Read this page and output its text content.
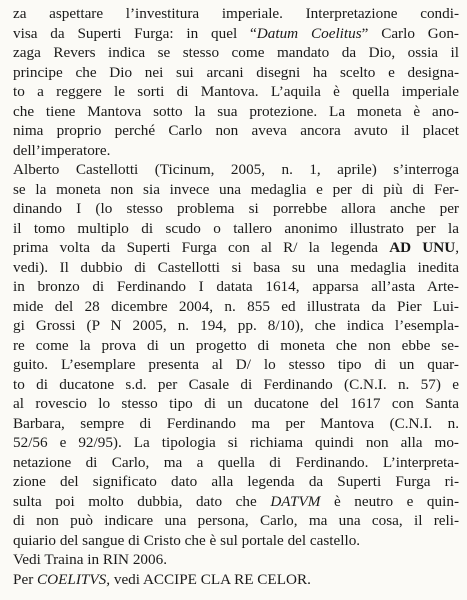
za aspettare l’investitura imperiale. Interpretazione condi-
visa da Superti Furga: in quel “Datum Coelitus” Carlo Gon-
zaga Revers indica se stesso come mandato da Dio, ossia il
principe che Dio nei sui arcani disegni ha scelto e designa-
to a reggere le sorti di Mantova. L’aquila è quella imperiale
che tiene Mantova sotto la sua protezione. La moneta è ano-
nima proprio perché Carlo non aveva ancora avuto il placet
dell’imperatore.
Alberto Castellotti (Ticinum, 2005, n. 1, aprile) s’interroga
se la moneta non sia invece una medaglia e per di più di Fer-
dinando I (lo stesso problema si porrebbe allora anche per
il tomo multiplo di scudo o tallero anonimo illustrato per la
prima volta da Superti Furga con al R/ la legenda AD UNU,
vedi). Il dubbio di Castellotti si basa su una medaglia inedita
in bronzo di Ferdinando I datata 1614, apparsa all’asta Arte-
mide del 28 dicembre 2004, n. 855 ed illustrata da Pier Lui-
gi Grossi (P N 2005, n. 194, pp. 8/10), che indica l’esempla-
re come la prova di un progetto di moneta che non ebbe se-
guito. L’esemplare presenta al D/ lo stesso tipo di un quar-
to di ducatone s.d. per Casale di Ferdinando (C.N.I. n. 57) e
al rovescio lo stesso tipo di un ducatone del 1617 con Santa
Barbara, sempre di Ferdinando ma per Mantova (C.N.I. n.
52/56 e 92/95). La tipologia si richiama quindi non alla mo-
netazione di Carlo, ma a quella di Ferdinando. L’interpreta-
zione del significato dato alla legenda da Superti Furga ri-
sulta poi molto dubbia, dato che DATVM è neutro e quin-
di non può indicare una persona, Carlo, ma una cosa, il reli-
quiario del sangue di Cristo che è sul portale del castello.
Vedi Traina in RIN 2006.
Per COELITVS, vedi ACCIPE CLA RE CELOR.
